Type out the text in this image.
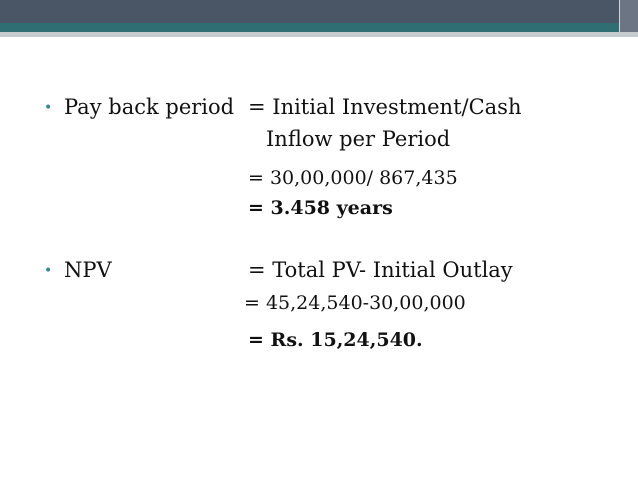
• Pay back period = Initial Investment/Cash
Inflow per Period
= 30,00,000/ 867,435
= 3.458 years
• NPV	= Total PV- Initial Outlay
= 45,24,540-30,00,000
= Rs. 15,24,540.
